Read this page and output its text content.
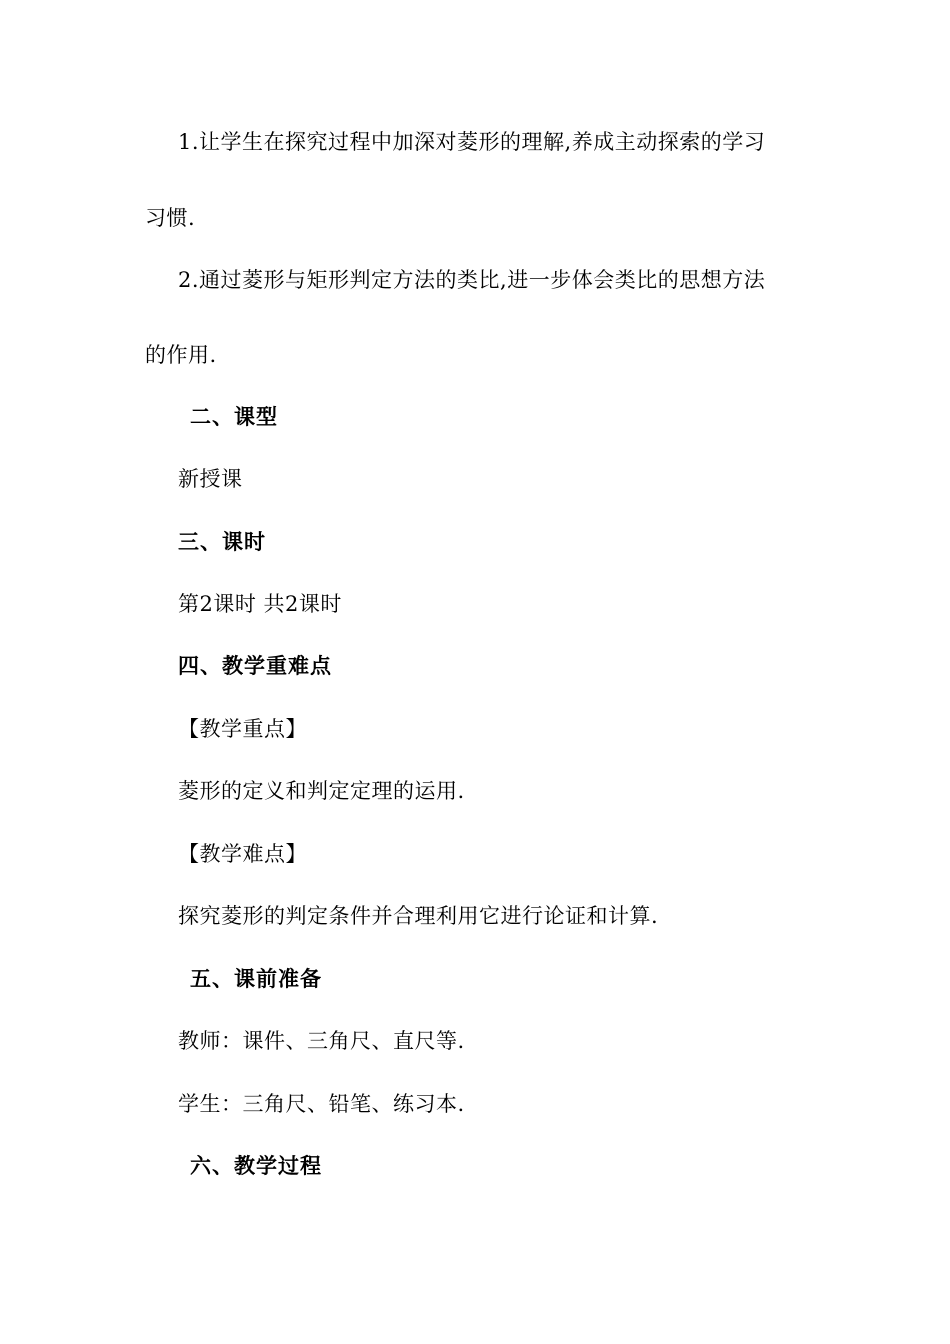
1.让学生在探究过程中加深对菱形的理解,养成主动探索的学习
习惯.
2.通过菱形与矩形判定方法的类比,进一步体会类比的思想方法
的作用.
二、课型
新授课
三、课时
第2课时 共2课时
四、教学重难点
【教学重点】
菱形的定义和判定定理的运用.
【教学难点】
探究菱形的判定条件并合理利用它进行论证和计算.
五、课前准备
教师：课件、三角尺、直尺等.
学生：三角尺、铅笔、练习本.
六、教学过程
